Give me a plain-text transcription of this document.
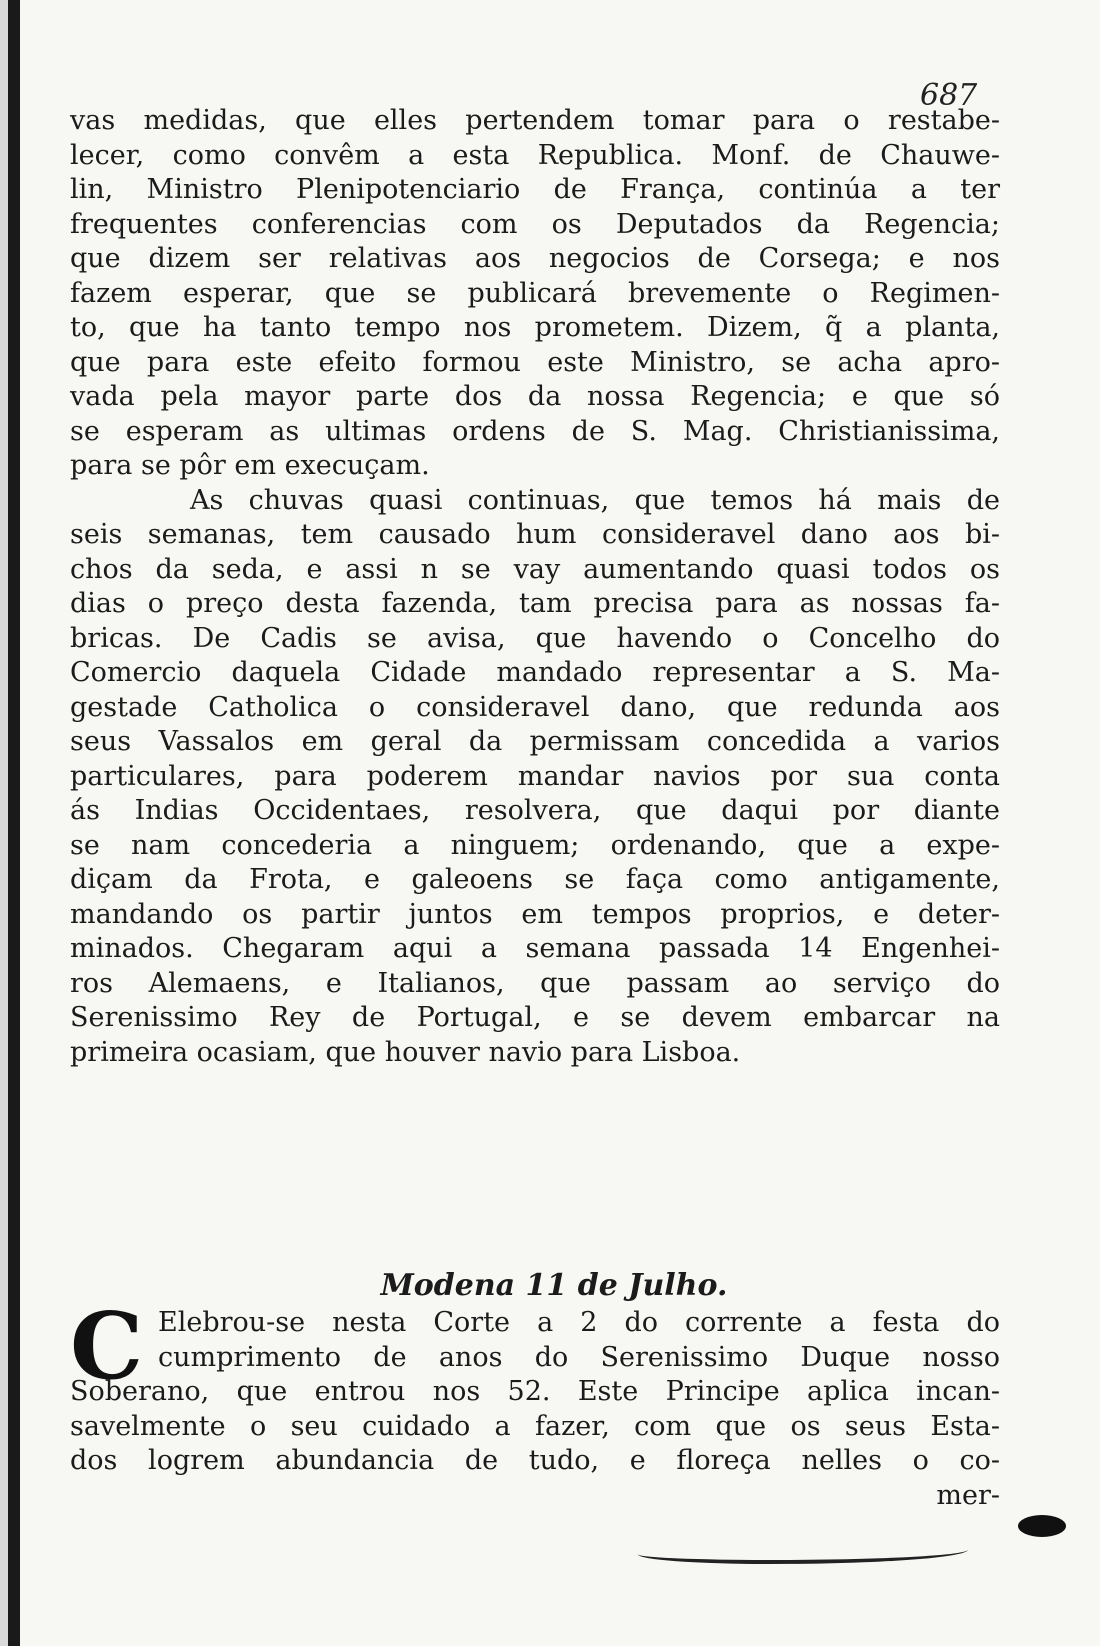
687
vas medidas, que elles pertendem tomar para o restabe-
lecer, como convêm a esta Republica. Monf. de Chauwe-
lin, Ministro Plenipotenciario de França, continúa a ter
frequentes conferencias com os Deputados da Regencia;
que dizem ser relativas aos negocios de Corsega; e nos
fazem esperar, que se publicará brevemente o Regimen-
to, que ha tanto tempo nos prometem. Dizem, q̃ a planta,
que para este efeito formou este Ministro, se acha apro-
vada pela mayor parte dos da nossa Regencia; e que só
se esperam as ultimas ordens de S. Mag. Christianissima,
para se pôr em execuçam.
As chuvas quasi continuas, que temos há mais de
seis semanas, tem causado hum consideravel dano aos bi-
chos da seda, e assi n se vay aumentando quasi todos os
dias o preço desta fazenda, tam precisa para as nossas fa-
bricas. De Cadis se avisa, que havendo o Concelho do
Comercio daquela Cidade mandado representar a S. Ma-
gestade Catholica o consideravel dano, que redunda aos
seus Vassalos em geral da permissam concedida a varios
particulares, para poderem mandar navios por sua conta
ás Indias Occidentaes, resolvera, que daqui por diante
se nam concederia a ninguem; ordenando, que a expe-
diçam da Frota, e galeoens se faça como antigamente,
mandando os partir juntos em tempos proprios, e deter-
minados. Chegaram aqui a semana passada 14 Engenhei-
ros Alemaens, e Italianos, que passam ao serviço do
Serenissimo Rey de Portugal, e se devem embarcar na
primeira ocasiam, que houver navio para Lisboa.
Modena 11 de Julho.
C Elebrou-se nesta Corte a 2 do corrente a festa do
cumprimento de anos do Serenissimo Duque nosso
Soberano, que entrou nos 52. Este Principe aplica incan-
savelmente o seu cuidado a fazer, com que os seus Esta-
dos logrem abundancia de tudo, e floreça nelles o co-
mer-
